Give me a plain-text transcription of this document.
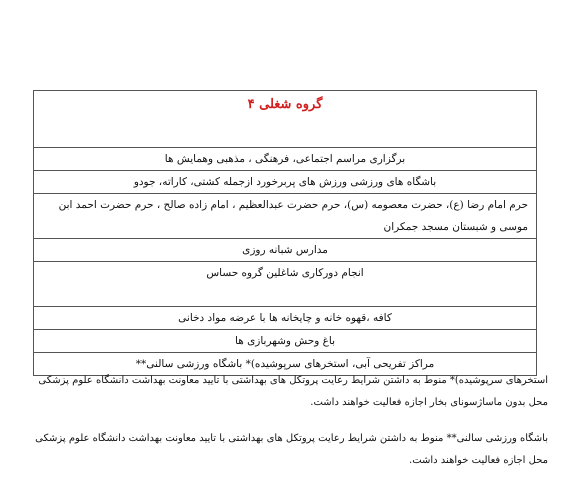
گروه شغلی ۴
برگزاری مراسم اجتماعی، فرهنگی ، مذهبی وهمایش ها
باشگاه های ورزشی ورزش های پربرخورد ازجمله کشتی، کاراته، جودو
حرم امام رضا (ع)، حضرت معصومه (س)، حرم حضرت عبدالعظیم ، امام زاده صالح ، حرم حضرت احمد ابن موسی و شبستان مسجد جمکران
مدارس شبانه روزی
انجام دورکاری شاغلین گروه حساس
کافه ،قهوه خانه و چایخانه ها با عرضه مواد دخانی
باغ وحش وشهربازی ها
مراکز تفریحی آبی، استخرهای سرپوشیده)* باشگاه ورزشی سالنی**

استخرهای سرپوشیده)* منوط به داشتن شرایط رعایت پروتکل های بهداشتی با تایید معاونت بهداشت دانشگاه علوم پزشکی محل بدون ماساژسونای بخار اجازه فعالیت خواهند داشت.

باشگاه ورزشی سالنی** منوط به داشتن شرایط رعایت پروتکل های بهداشتی با تایید معاونت بهداشت دانشگاه علوم پزشکی محل اجازه فعالیت خواهند داشت.
